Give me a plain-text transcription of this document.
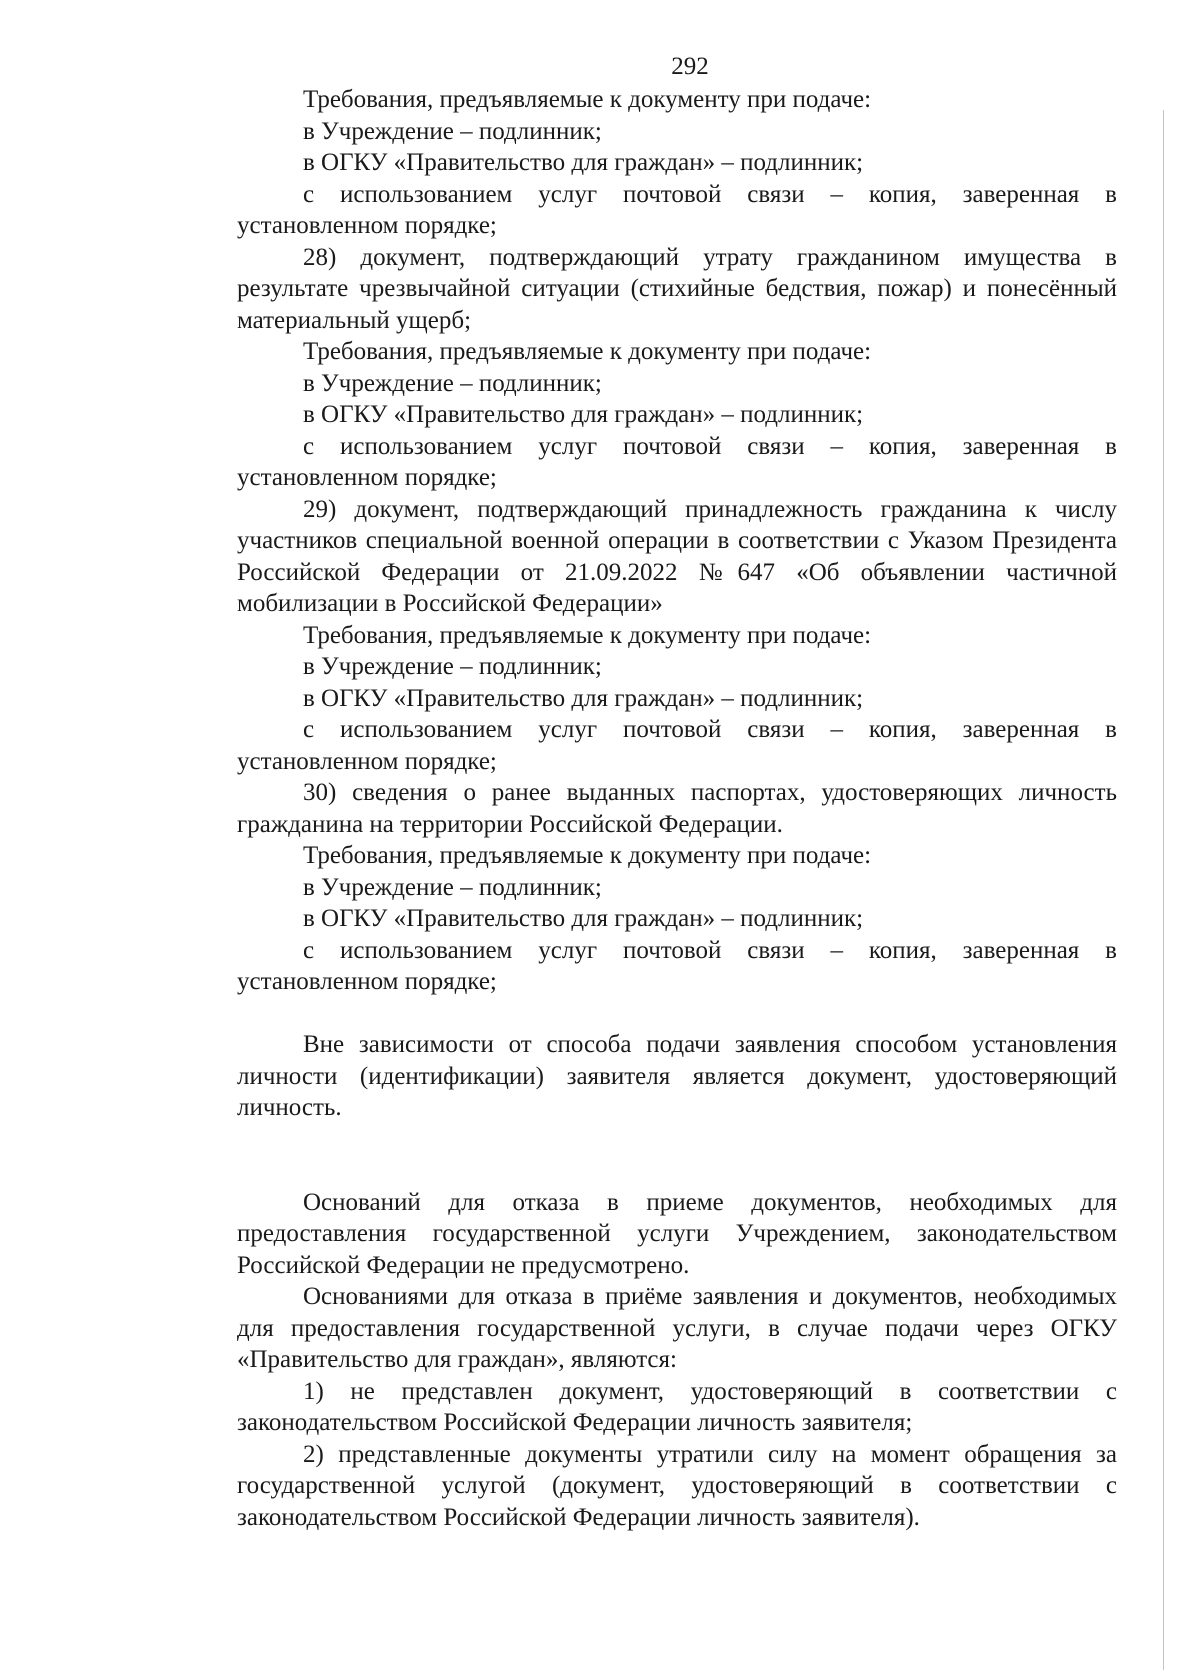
292

Требования, предъявляемые к документу при подаче:

в Учреждение – подлинник;

в ОГКУ «Правительство для граждан» – подлинник;

с использованием услуг почтовой связи – копия, заверенная в установленном порядке;

28) документ, подтверждающий утрату гражданином имущества в результате чрезвычайной ситуации (стихийные бедствия, пожар) и понесённый материальный ущерб;

Требования, предъявляемые к документу при подаче:

в Учреждение – подлинник;

в ОГКУ «Правительство для граждан» – подлинник;

с использованием услуг почтовой связи – копия, заверенная в установленном порядке;

29) документ, подтверждающий принадлежность гражданина к числу участников специальной военной операции в соответствии с Указом Президента Российской Федерации от 21.09.2022 №647 «Об объявлении частичной мобилизации в Российской Федерации»

Требования, предъявляемые к документу при подаче:

в Учреждение – подлинник;

в ОГКУ «Правительство для граждан» – подлинник;

с использованием услуг почтовой связи – копия, заверенная в установленном порядке;

30) сведения о ранее выданных паспортах, удостоверяющих личность гражданина на территории Российской Федерации.

Требования, предъявляемые к документу при подаче:

в Учреждение – подлинник;

в ОГКУ «Правительство для граждан» – подлинник;

с использованием услуг почтовой связи – копия, заверенная в установленном порядке;

Вне зависимости от способа подачи заявления способом установления личности (идентификации) заявителя является документ, удостоверяющий личность.

Оснований для отказа в приеме документов, необходимых для предоставления государственной услуги Учреждением, законодательством Российской Федерации не предусмотрено.

Основаниями для отказа в приёме заявления и документов, необходимых для предоставления государственной услуги, в случае подачи через ОГКУ «Правительство для граждан», являются:

1) не представлен документ, удостоверяющий в соответствии с законодательством Российской Федерации личность заявителя;

2) представленные документы утратили силу на момент обращения за государственной услугой (документ, удостоверяющий в соответствии с законодательством Российской Федерации личность заявителя).
